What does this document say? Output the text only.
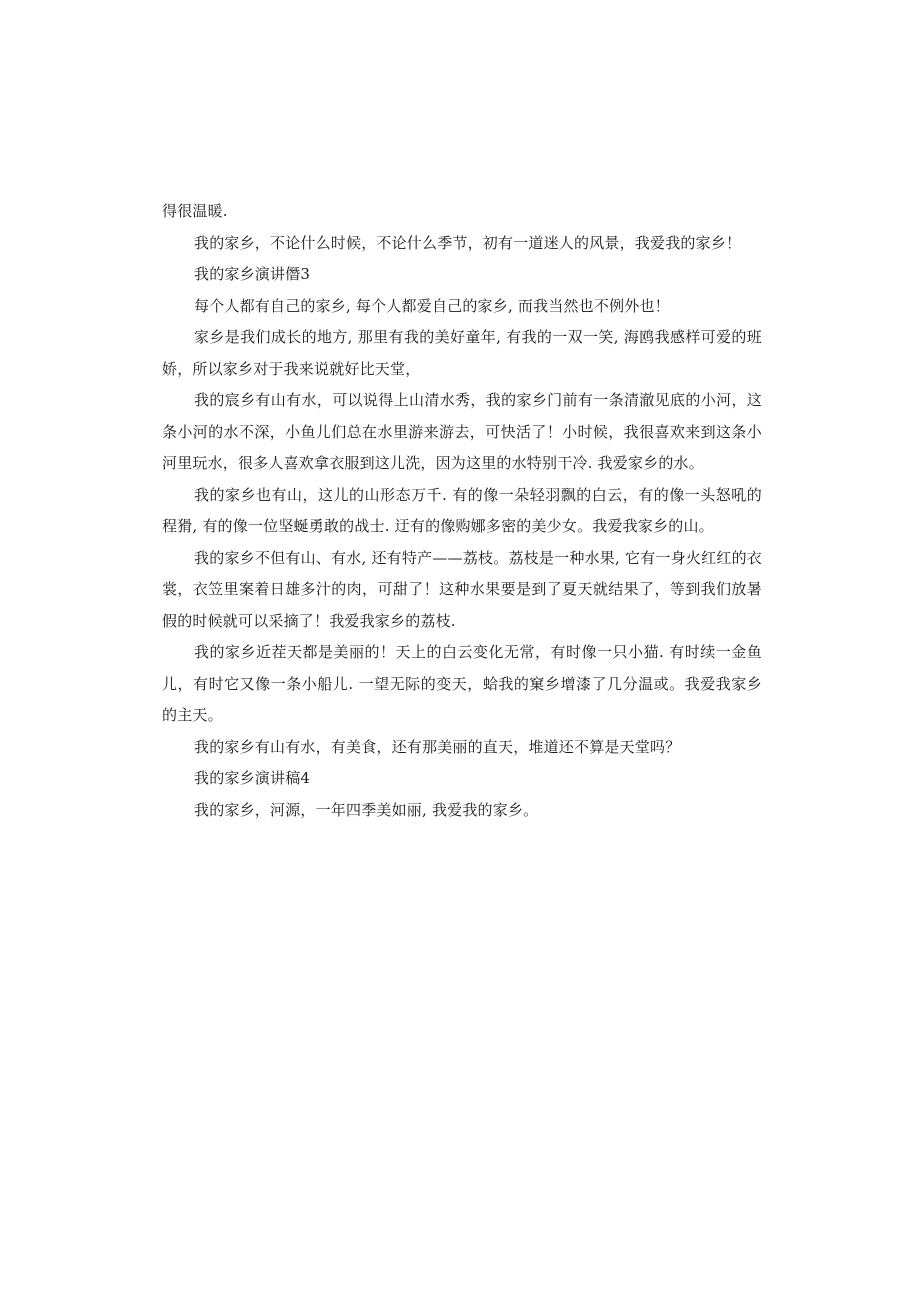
得很温暖.

我的家乡，不论什么时候，不论什么季节，初有一道迷人的风景，我爱我的家乡！

我的家乡演讲僭3

每个人都有自己的家乡, 每个人都爱自己的家乡, 而我当然也不例外也！

家乡是我们成长的地方, 那里有我的美好童年, 有我的一双一笑, 海鸥我感样可爱的班娇，所以家乡对于我来说就好比天堂，

我的宸乡有山有水，可以说得上山清水秀，我的家乡门前有一条清澈见底的小河，这条小河的水不深，小鱼儿们总在水里游来游去，可快活了！小时候，我很喜欢来到这条小河里玩水，很多人喜欢拿衣服到这儿洗，因为这里的水特别干冷. 我爱家乡的水。

我的家乡也有山，这儿的山形态万千. 有的像一朵轻羽飘的白云，有的像一头怒吼的程猾, 有的像一位坚蜒勇敢的战士. 迂有的像购娜多密的美少女。我爱我家乡的山。

我的家乡不但有山、有水, 还有特产——荔枝。荔枝是一种水果, 它有一身火红红的衣裳，衣笠里案着日雄多汁的肉，可甜了！这种水果要是到了夏天就结果了，等到我们放暑假的时候就可以采摘了！我爱我家乡的荔枝.

我的家乡近茬天都是美丽的！天上的白云变化无常，有时像一只小猫. 有时续一金鱼儿，有时它又像一条小船儿. 一望无际的变天，蛤我的窠乡增漆了几分温或。我爱我家乡的主天。

我的家乡有山有水，有美食，还有那美丽的直天，堆道还不算是天堂吗？

我的家乡演讲稿4

我的家乡，河源，一年四季美如丽, 我爱我的家乡。
